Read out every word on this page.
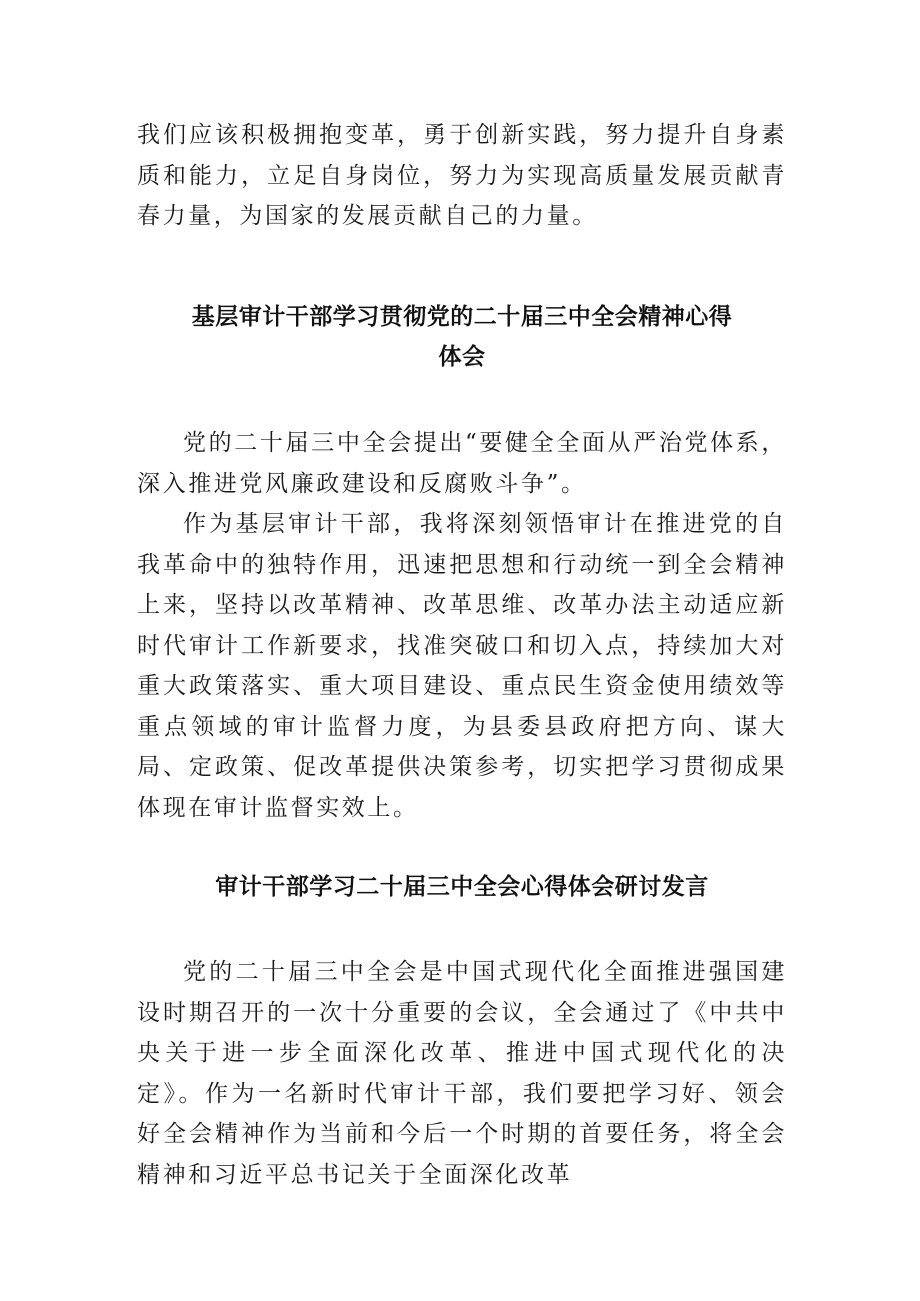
我们应该积极拥抱变革，勇于创新实践，努力提升自身素质和能力，立足自身岗位，努力为实现高质量发展贡献青春力量，为国家的发展贡献自己的力量。

基层审计干部学习贯彻党的二十届三中全会精神心得
体会

党的二十届三中全会提出“要健全全面从严治党体系，深入推进党风廉政建设和反腐败斗争”。

作为基层审计干部，我将深刻领悟审计在推进党的自我革命中的独特作用，迅速把思想和行动统一到全会精神上来，坚持以改革精神、改革思维、改革办法主动适应新时代审计工作新要求，找准突破口和切入点，持续加大对重大政策落实、重大项目建设、重点民生资金使用绩效等重点领域的审计监督力度，为县委县政府把方向、谋大局、定政策、促改革提供决策参考，切实把学习贯彻成果体现在审计监督实效上。

审计干部学习二十届三中全会心得体会研讨发言

党的二十届三中全会是中国式现代化全面推进强国建设时期召开的一次十分重要的会议，全会通过了《中共中央关于进一步全面深化改革、推进中国式现代化的决定》。作为一名新时代审计干部，我们要把学习好、领会好全会精神作为当前和今后一个时期的首要任务，将全会精神和习近平总书记关于全面深化改革
